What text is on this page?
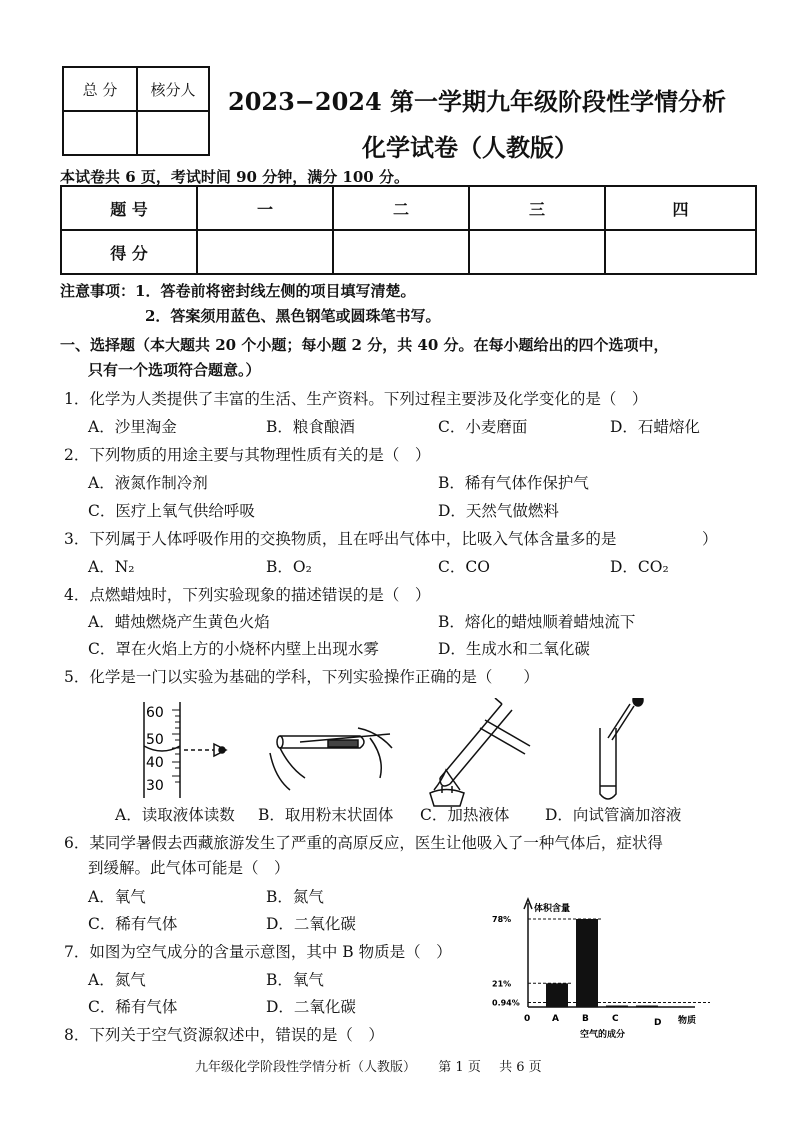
总 分	核分人
	2023−2024 第一学期九年级阶段性学情分析
化学试卷（人教版）
本试卷共 6 页，考试时间 90 分钟，满分 100 分。
题 号	一	二	三	四
得 分				
注意事项：1．答卷前将密封线左侧的项目填写清楚。
2．答案须用蓝色、黑色钢笔或圆珠笔书写。
一、选择题（本大题共 20 个小题；每小题 2 分，共 40 分。在每小题给出的四个选项中，
只有一个选项符合题意。）
1．化学为人类提供了丰富的生活、生产资料。下列过程主要涉及化学变化的是（　）
A．沙里淘金	B．粮食酿酒	C．小麦磨面	D．石蜡熔化
2．下列物质的用途主要与其物理性质有关的是（　）
A．液氮作制冷剂	B．稀有气体作保护气
C．医疗上氧气供给呼吸	D．天然气做燃料
3．下列属于人体呼吸作用的交换物质，且在呼出气体中，比吸入气体含量多的是	）
A．N₂	B．O₂	C．CO	D．CO₂
4．点燃蜡烛时，下列实验现象的描述错误的是（　）
A．蜡烛燃烧产生黄色火焰	B．熔化的蜡烛顺着蜡烛流下
C．罩在火焰上方的小烧杯内壁上出现水雾	D．生成水和二氧化碳
5．化学是一门以实验为基础的学科，下列实验操作正确的是（　　）
60
50
40
30
A．读取液体读数 B．取用粉末状固体 C．加热液体 D．向试管滴加溶液
6．某同学暑假去西藏旅游发生了严重的高原反应，医生让他吸入了一种气体后，症状得
到缓解。此气体可能是（　）
A．氧气	B．氮气
C．稀有气体	D．二氧化碳
7．如图为空气成分的含量示意图，其中 B 物质是（　）
A．氮气	B．氧气
C．稀有气体	D．二氧化碳
8．下列关于空气资源叙述中，错误的是（　）
体积含量
0	物质
空气的成分
78%
21%
0.94%
A	B	C	D
九年级化学阶段性学情分析（人教版） 第 1 页 共 6 页
